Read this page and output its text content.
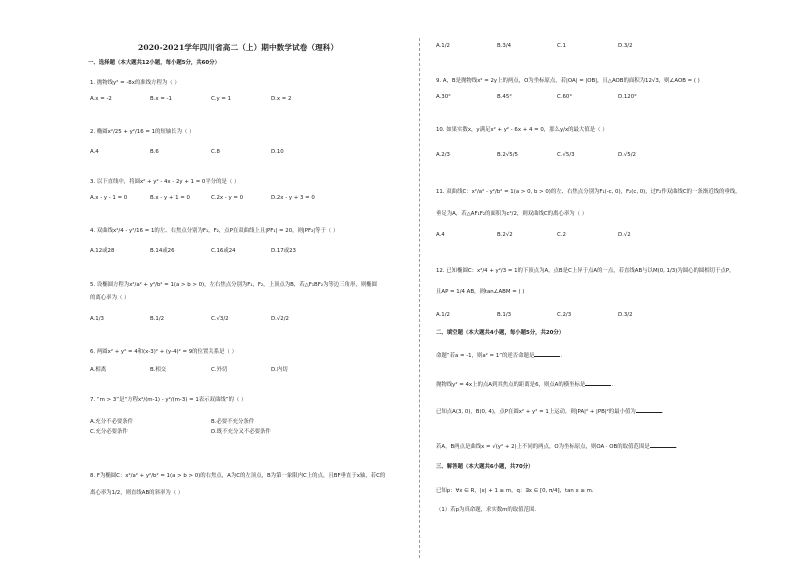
2020-2021学年四川省高二（上）期中数学试卷（理科）
一、选择题（本大题共12小题，每小题5分，共60分）
1. 抛物线y² = -8x的准线方程为（ ）
A.x = -2	B.x = -1	C.y = 1	D.x = 2
2. 椭圆x²/25 + y²/16 = 1的短轴长为（ ）
A.4	B.6	C.8	D.10
3. 以下直线中，将圆x² + y² - 4x - 2y + 1 = 0平分的是（ ）
A.x - y - 1 = 0	B.x - y + 1 = 0	C.2x - y = 0	D.2x - y + 3 = 0
4. 双曲线x²/4 - y²/16 = 1的左、右焦点分别为F₁，F₂，点P在双曲线上且|PF₁| = 20，则|PF₂|等于（ ）
A.12或28	B.14或26	C.16或24	D.17或23
5. 设椭圆方程为x²/a² + y²/b² = 1(a > b > 0)，左右焦点分别为F₁，F₂，上顶点为B，若△F₁BF₂为等边三角形，则椭圆
的离心率为（ ）
A.1/3	B.1/2	C.√3/2	D.√2/2
6. 两圆x² + y² = 4和(x-3)² + (y-4)² = 9的位置关系是（ ）
A.相离	B.相交	C.外切	D.内切
7. “m > 3”是“方程x²/(m-1) - y²/(m-3) = 1表示双曲线”的（ ）
A.充分不必要条件	B.必要不充分条件
C.充分必要条件	D.既不充分又不必要条件
8. F为椭圆C：x²/a² + y²/b² = 1(a > b > 0)的右焦点，A为C的左顶点，B为第一象限内C上的点，且BF垂直于x轴，若C的
离心率为1/2，则直线AB的斜率为（ ）
A.1/2	B.3/4	C.1	D.3/2
9. A，B是抛物线x² = 2y上的两点，O为坐标原点，若|OA| = |OB|，且△AOB的面积为12√3，则∠AOB = ( )
A.30°	B.45°	C.60°	D.120°
10. 如果实数x，y满足x² + y² - 6x + 4 = 0，那么y/x的最大值是（ ）
A.2/3	B.2√5/5	C.√5/3	D.√5/2
11. 双曲线C：x²/a² - y²/b² = 1(a > 0, b > 0)的左、右焦点分别为F₁(-c, 0)，F₂(c, 0)，过F₂作双曲线C的一条渐近线的垂线，
垂足为A，若△AF₁F₂的面积为c²/2，则双曲线C的离心率为（ ）
A.4	B.2√2	C.2	D.√2
12. 已知椭圆C：x²/4 + y²/3 = 1的下顶点为A，点B是C上异于点A的一点，若直线AB与以M(0, 1/3)为圆心的圆相切于点P，
且AP = 1/4 AB，则tan∠ABM = ( )
A.1/2	B.1/3	C.2/3	D.3/2
二、填空题（本大题共4小题，每小题5分，共20分）
命题“若a = -1，则a² = 1”的逆否命题是	.
抛物线y² = 4x上的点A到其焦点的距离是6，则点A的横坐标是	.
已知点A(3, 0)，B(0, 4)，点P在圆x² + y² = 1上运动，则|PA|² + |PB|²的最小值为	.
若A，B两点是曲线x = √(y² + 2)上不同的两点，O为坐标原点，则OA · OB的取值范围是	.
三、解答题（本大题共6小题，共70分）
已知p：∀x ∈ R，|x| + 1 ≥ m，q：∃x ∈ [0, π/4]，tan x ≥ m.
（1）若p为真命题，求实数m的取值范围.
